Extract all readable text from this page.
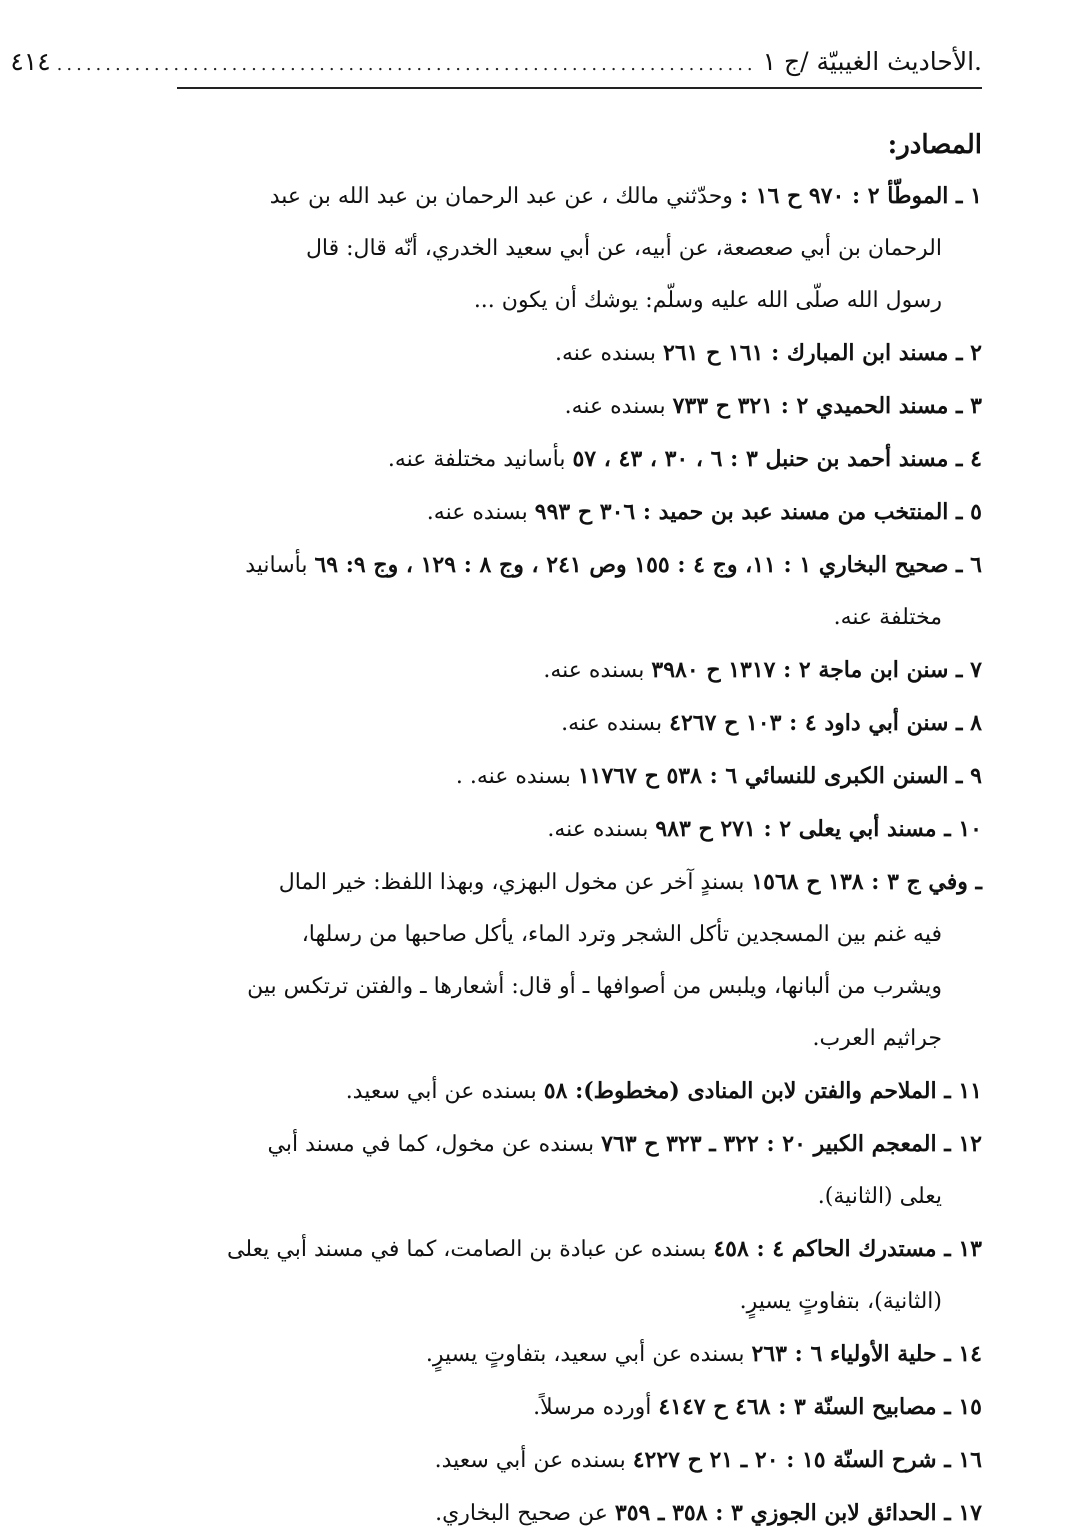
.الأحاديث الغيبيّة /ج ١
........................................................................
٤١٤
المصادر:
١ ـ الموطّأ ٢ : ٩٧٠ ح ١٦ : وحدّثني مالك ، عن عبد الرحمان بن عبد الله بن عبد
الرحمان بن أبي صعصعة، عن أبيه، عن أبي سعيد الخدري، أنّه قال: قال
رسول الله صلّى الله عليه وسلّم: يوشك أن يكون ...
٢ ـ مسند ابن المبارك : ١٦١ ح ٢٦١ بسنده عنه.
٣ ـ مسند الحميدي ٢ : ٣٢١ ح ٧٣٣ بسنده عنه.
٤ ـ مسند أحمد بن حنبل ٣ : ٦ ، ٣٠ ، ٤٣ ، ٥٧ بأسانيد مختلفة عنه.
٥ ـ المنتخب من مسند عبد بن حميد : ٣٠٦ ح ٩٩٣ بسنده عنه.
٦ ـ صحيح البخاري ١ : ١١، وج ٤ : ١٥٥ وص ٢٤١ ، وج ٨ : ١٢٩ ، وج ٩: ٦٩ بأسانيد
مختلفة عنه.
٧ ـ سنن ابن ماجة ٢ : ١٣١٧ ح ٣٩٨٠ بسنده عنه.
٨ ـ سنن أبي داود ٤ : ١٠٣ ح ٤٢٦٧ بسنده عنه.
٩ ـ السنن الكبرى للنسائي ٦ : ٥٣٨ ح ١١٧٦٧ بسنده عنه. .
١٠ ـ مسند أبي يعلى ٢ : ٢٧١ ح ٩٨٣ بسنده عنه.
ـ وفي ج ٣ : ١٣٨ ح ١٥٦٨ بسندٍ آخر عن مخول البهزي، وبهذا اللفظ: خير المال
فيه غنم بين المسجدين تأكل الشجر وترد الماء، يأكل صاحبها من رسلها،
ويشرب من ألبانها، ويلبس من أصوافها ـ أو قال: أشعارها ـ والفتن ترتكس بين
جراثيم العرب.
١١ ـ الملاحم والفتن لابن المنادى (مخطوط): ٥٨ بسنده عن أبي سعيد.
١٢ ـ المعجم الكبير ٢٠ : ٣٢٢ ـ ٣٢٣ ح ٧٦٣ بسنده عن مخول، كما في مسند أبي
يعلى (الثانية).
١٣ ـ مستدرك الحاكم ٤ : ٤٥٨ بسنده عن عبادة بن الصامت، كما في مسند أبي يعلى
(الثانية)، بتفاوتٍ يسيرٍ.
١٤ ـ حلية الأولياء ٦ : ٢٦٣ بسنده عن أبي سعيد، بتفاوتٍ يسيرٍ.
١٥ ـ مصابيح السنّة ٣ : ٤٦٨ ح ٤١٤٧ أورده مرسلاً.
١٦ ـ شرح السنّة ١٥ : ٢٠ ـ ٢١ ح ٤٢٢٧ بسنده عن أبي سعيد.
١٧ ـ الحدائق لابن الجوزي ٣ : ٣٥٨ ـ ٣٥٩ عن صحيح البخاري.
